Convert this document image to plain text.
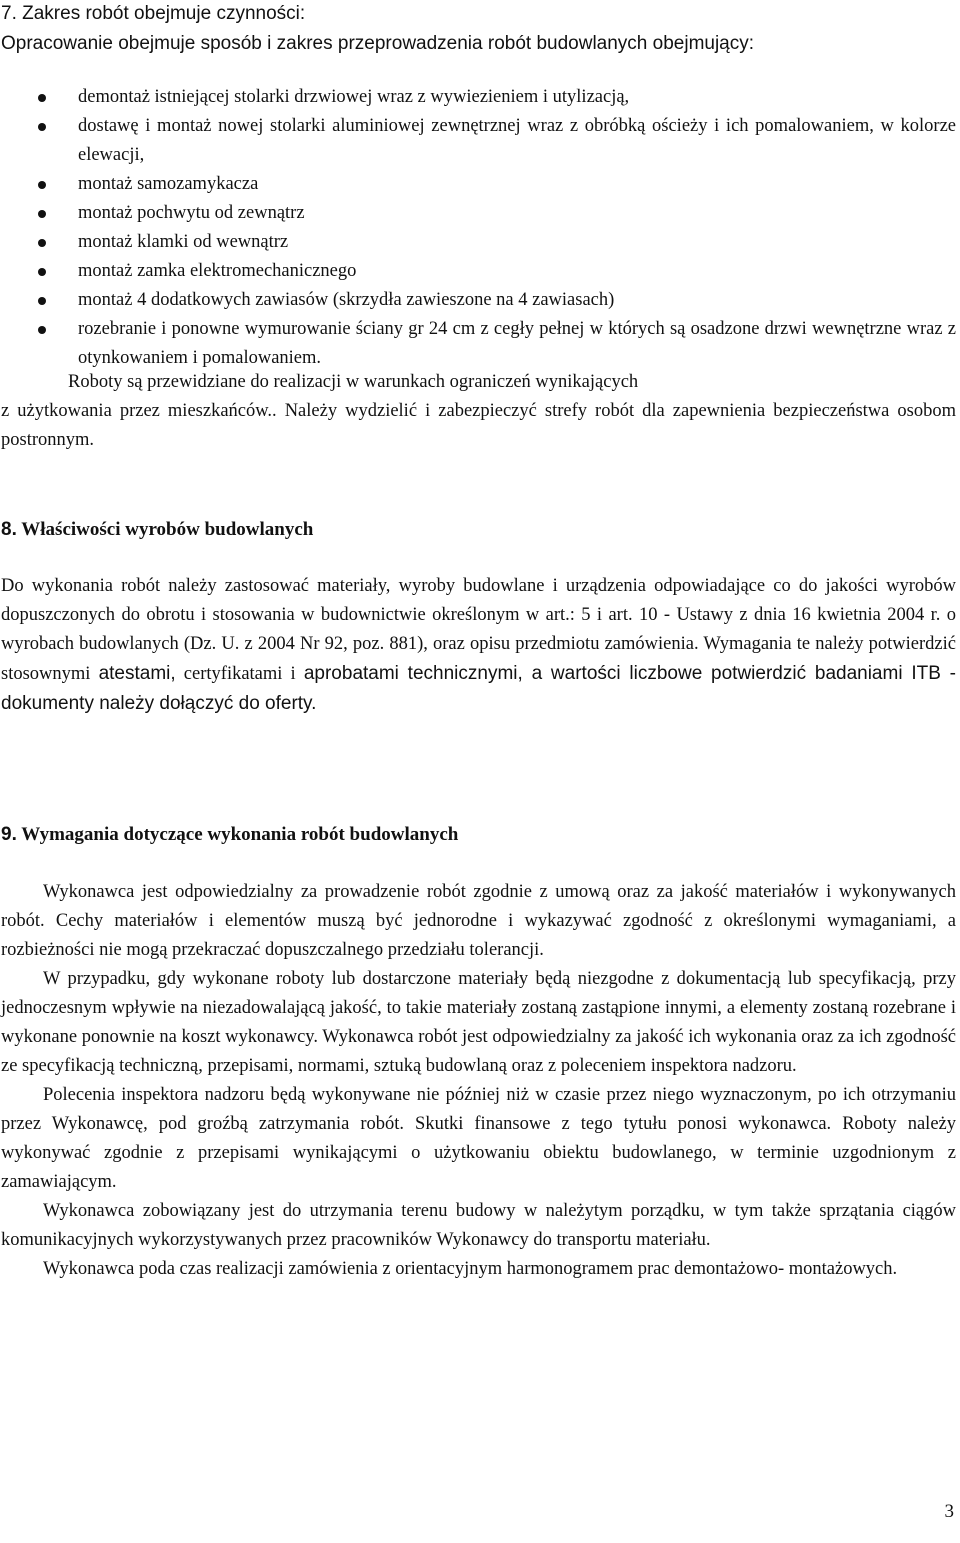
7. Zakres robót obejmuje czynności:
Opracowanie obejmuje sposób i zakres przeprowadzenia robót budowlanych obejmujący:
demontaż istniejącej stolarki drzwiowej wraz z wywiezieniem i utylizacją,
dostawę i montaż nowej stolarki aluminiowej zewnętrznej wraz z obróbką ościeży i ich pomalowaniem, w kolorze elewacji,
montaż samozamykacza
montaż pochwytu od zewnątrz
montaż klamki od wewnątrz
montaż zamka elektromechanicznego
montaż 4 dodatkowych zawiasów (skrzydła zawieszone na 4 zawiasach)
rozebranie i ponowne wymurowanie ściany gr 24 cm z cegły pełnej w których są osadzone drzwi wewnętrzne wraz z otynkowaniem i pomalowaniem.

Roboty są przewidziane do realizacji w warunkach ograniczeń wynikających

z użytkowania przez mieszkańców.. Należy wydzielić i zabezpieczyć strefy robót dla zapewnienia bezpieczeństwa osobom postronnym.

8. Właściwości wyrobów budowlanych

Do wykonania robót należy zastosować materiały, wyroby budowlane i urządzenia odpowiadające co do jakości wyrobów dopuszczonych do obrotu i stosowania w budownictwie określonym w art.: 5 i art. 10 - Ustawy z dnia 16 kwietnia 2004 r. o wyrobach budowlanych (Dz. U. z 2004 Nr 92, poz. 881), oraz opisu przedmiotu zamówienia. Wymagania te należy potwierdzić stosownymi atestami, certyfikatami i aprobatami technicznymi, a wartości liczbowe potwierdzić badaniami ITB - dokumenty należy dołączyć do oferty.

9. Wymagania dotyczące wykonania robót budowlanych

Wykonawca jest odpowiedzialny za prowadzenie robót zgodnie z umową oraz za jakość materiałów i wykonywanych robót. Cechy materiałów i elementów muszą być jednorodne i wykazywać zgodność z określonymi wymaganiami, a rozbieżności nie mogą przekraczać dopuszczalnego przedziału tolerancji.

W przypadku, gdy wykonane roboty lub dostarczone materiały będą niezgodne z dokumentacją lub specyfikacją, przy jednoczesnym wpływie na niezadowalającą jakość, to takie materiały zostaną zastąpione innymi, a elementy zostaną rozebrane i wykonane ponownie na koszt wykonawcy. Wykonawca robót jest odpowiedzialny za jakość ich wykonania oraz za ich zgodność ze specyfikacją techniczną, przepisami, normami, sztuką budowlaną oraz z poleceniem inspektora nadzoru.

Polecenia inspektora nadzoru będą wykonywane nie później niż w czasie przez niego wyznaczonym, po ich otrzymaniu przez Wykonawcę, pod groźbą zatrzymania robót. Skutki finansowe z tego tytułu ponosi wykonawca. Roboty należy wykonywać zgodnie z przepisami wynikającymi o użytkowaniu obiektu budowlanego, w terminie uzgodnionym z zamawiającym.

Wykonawca zobowiązany jest do utrzymania terenu budowy w należytym porządku, w tym także sprzątania ciągów komunikacyjnych wykorzystywanych przez pracowników Wykonawcy do transportu materiału.

Wykonawca poda czas realizacji zamówienia z orientacyjnym harmonogramem prac demontażowo- montażowych.

3
